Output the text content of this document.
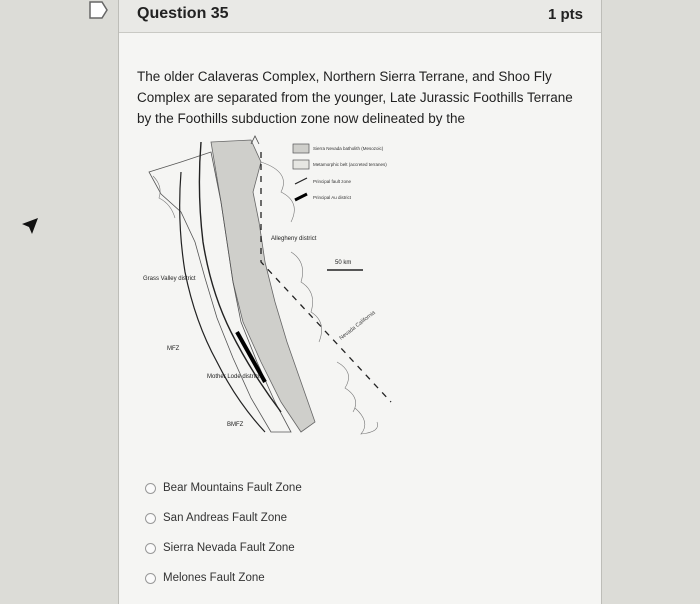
Question 35	1 pts
The older Calaveras Complex, Northern Sierra Terrane, and Shoo Fly Complex are separated from the younger, Late Jurassic Foothills Terrane by the Foothills subduction zone now delineated by the
Allegheny district
Grass Valley district
MFZ
Mother Lode district
BMFZ
50 km
Nevada California
Sierra Nevada batholith (Mesozoic)
Metamorphic belt (accreted terranes)
Principal fault zone
Principal Au district
Bear Mountains Fault Zone
San Andreas Fault Zone
Sierra Nevada Fault Zone
Melones Fault Zone
